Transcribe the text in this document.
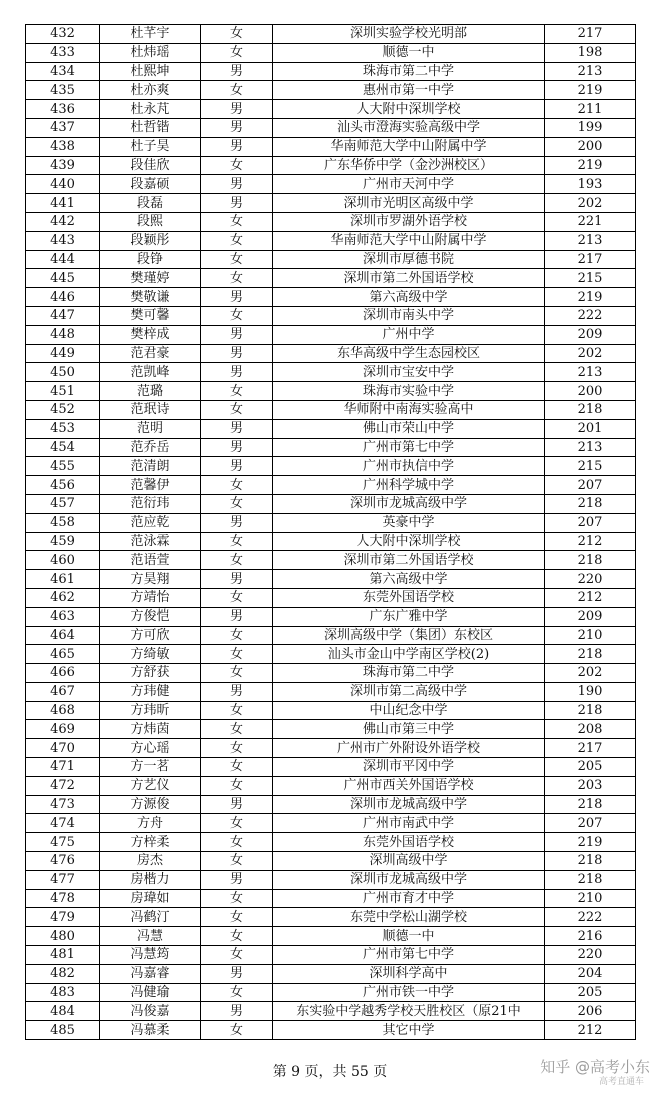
432	杜芊宇	女	深圳实验学校光明部	217
433	杜炜瑶	女	顺德一中	198
434	杜熙坤	男	珠海市第二中学	213
435	杜亦爽	女	惠州市第一中学	219
436	杜永芃	男	人大附中深圳学校	211
437	杜哲锴	男	汕头市澄海实验高级中学	199
438	杜子昊	男	华南师范大学中山附属中学	200
439	段佳欣	女	广东华侨中学（金沙洲校区）	219
440	段嘉硕	男	广州市天河中学	193
441	段磊	男	深圳市光明区高级中学	202
442	段熙	女	深圳市罗湖外语学校	221
443	段颖彤	女	华南师范大学中山附属中学	213
444	段铮	女	深圳市厚德书院	217
445	樊瑾婷	女	深圳市第二外国语学校	215
446	樊敬谦	男	第六高级中学	219
447	樊可馨	女	深圳市南头中学	222
448	樊梓成	男	广州中学	209
449	范君豪	男	东华高级中学生态园校区	202
450	范凯峰	男	深圳市宝安中学	213
451	范璐	女	珠海市实验中学	200
452	范珉诗	女	华师附中南海实验高中	218
453	范明	男	佛山市荣山中学	201
454	范乔岳	男	广州市第七中学	213
455	范清朗	男	广州市执信中学	215
456	范馨伊	女	广州科学城中学	207
457	范衍玮	女	深圳市龙城高级中学	218
458	范应乾	男	英豪中学	207
459	范泳霖	女	人大附中深圳学校	212
460	范语萱	女	深圳市第二外国语学校	218
461	方昊翔	男	第六高级中学	220
462	方靖怡	女	东莞外国语学校	212
463	方俊恺	男	广东广雅中学	209
464	方可欣	女	深圳高级中学（集团）东校区	210
465	方绮敏	女	汕头市金山中学南区学校(2)	218
466	方舒获	女	珠海市第二中学	202
467	方玮健	男	深圳市第二高级中学	190
468	方玮昕	女	中山纪念中学	218
469	方炜茵	女	佛山市第三中学	208
470	方心瑶	女	广州市广外附设外语学校	217
471	方一茗	女	深圳市平冈中学	205
472	方艺仪	女	广州市西关外国语学校	203
473	方源俊	男	深圳市龙城高级中学	218
474	方舟	女	广州市南武中学	207
475	方梓柔	女	东莞外国语学校	219
476	房杰	女	深圳高级中学	218
477	房楷力	男	深圳市龙城高级中学	218
478	房瑋如	女	广州市育才中学	210
479	冯鹤汀	女	东莞中学松山湖学校	222
480	冯慧	女	顺德一中	216
481	冯慧筠	女	广州市第七中学	220
482	冯嘉睿	男	深圳科学高中	204
483	冯健瑜	女	广州市铁一中学	205
484	冯俊嘉	男	东实验中学越秀学校天胜校区（原21中	206
485	冯慕柔	女	其它中学	212
第 9 页，共 55 页	知乎 @高考小东
高考直通车
